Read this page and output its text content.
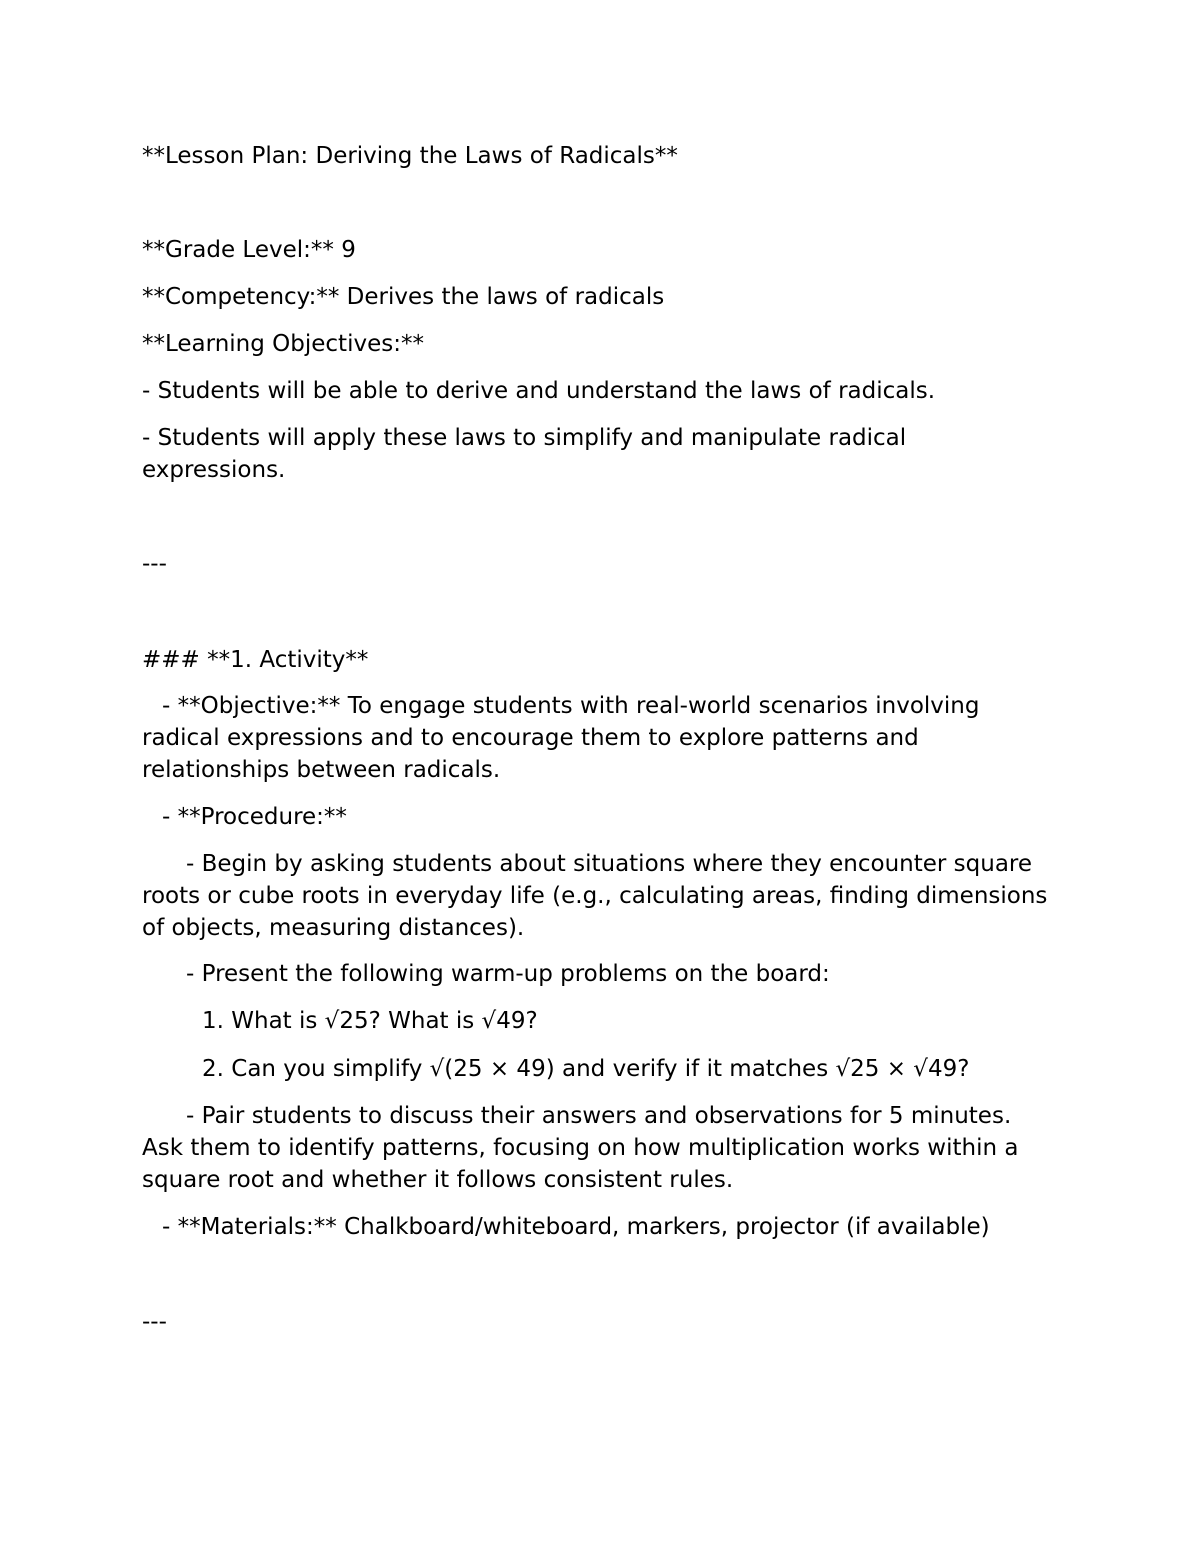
**Lesson Plan: Deriving the Laws of Radicals**

**Grade Level:** 9

**Competency:** Derives the laws of radicals

**Learning Objectives:**

- Students will be able to derive and understand the laws of radicals.

- Students will apply these laws to simplify and manipulate radical expressions.

---

### **1. Activity**

- **Objective:** To engage students with real-world scenarios involving radical expressions and to encourage them to explore patterns and relationships between radicals.

- **Procedure:**

- Begin by asking students about situations where they encounter square roots or cube roots in everyday life (e.g., calculating areas, finding dimensions of objects, measuring distances).

- Present the following warm-up problems on the board:

1. What is √25? What is √49?

2. Can you simplify √(25 × 49) and verify if it matches √25 × √49?

- Pair students to discuss their answers and observations for 5 minutes. Ask them to identify patterns, focusing on how multiplication works within a square root and whether it follows consistent rules.

- **Materials:** Chalkboard/whiteboard, markers, projector (if available)

---
